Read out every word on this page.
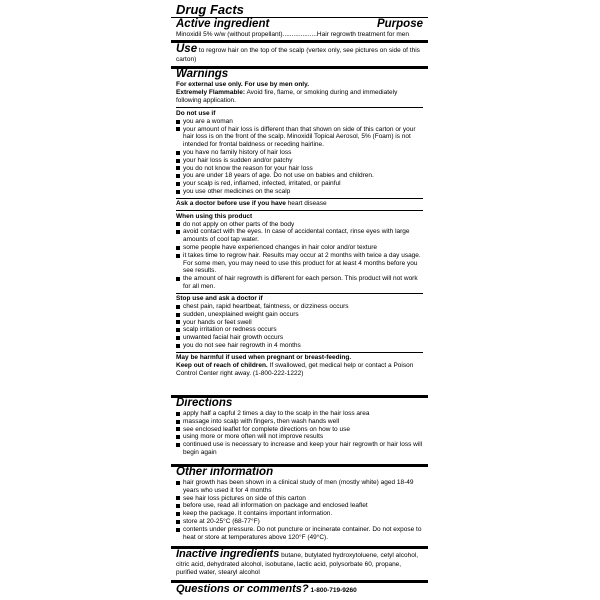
Drug Facts
Active ingredient	Purpose
Minoxidil 5% w/w (without propellant)...................Hair regrowth treatment for men
Use to regrow hair on the top of the scalp (vertex only, see pictures on side of this carton)
Warnings
For external use only. For use by men only.
Extremely Flammable: Avoid fire, flame, or smoking during and immediately following application.
Do not use if
you are a woman
your amount of hair loss is different than that shown on side of this carton or your hair loss is on the front of the scalp. Minoxidil Topical Aerosol, 5% (Foam) is not intended for frontal baldness or receding hairline.
you have no family history of hair loss
your hair loss is sudden and/or patchy
you do not know the reason for your hair loss
you are under 18 years of age. Do not use on babies and children.
your scalp is red, inflamed, infected, irritated, or painful
you use other medicines on the scalp
Ask a doctor before use if you have heart disease
When using this product
do not apply on other parts of the body
avoid contact with the eyes. In case of accidental contact, rinse eyes with large amounts of cool tap water.
some people have experienced changes in hair color and/or texture
it takes time to regrow hair. Results may occur at 2 months with twice a day usage. For some men, you may need to use this product for at least 4 months before you see results.
the amount of hair regrowth is different for each person. This product will not work for all men.
Stop use and ask a doctor if
chest pain, rapid heartbeat, faintness, or dizziness occurs
sudden, unexplained weight gain occurs
your hands or feet swell
scalp irritation or redness occurs
unwanted facial hair growth occurs
you do not see hair regrowth in 4 months
May be harmful if used when pregnant or breast-feeding.
Keep out of reach of children. If swallowed, get medical help or contact a Poison Control Center right away. (1-800-222-1222)
Directions
apply half a capful 2 times a day to the scalp in the hair loss area
massage into scalp with fingers, then wash hands well
see enclosed leaflet for complete directions on how to use
using more or more often will not improve results
continued use is necessary to increase and keep your hair regrowth or hair loss will begin again
Other information
hair growth has been shown in a clinical study of men (mostly white) aged 18-49 years who used it for 4 months
see hair loss pictures on side of this carton
before use, read all information on package and enclosed leaflet
keep the package. It contains important information.
store at 20-25°C (68-77°F)
contents under pressure. Do not puncture or incinerate container. Do not expose to heat or store at temperatures above 120°F (49°C).
Inactive ingredients butane, butylated hydroxytoluene, cetyl alcohol, citric acid, dehydrated alcohol, isobutane, lactic acid, polysorbate 60, propane, purified water, stearyl alcohol
Questions or comments? 1-800-719-9260
